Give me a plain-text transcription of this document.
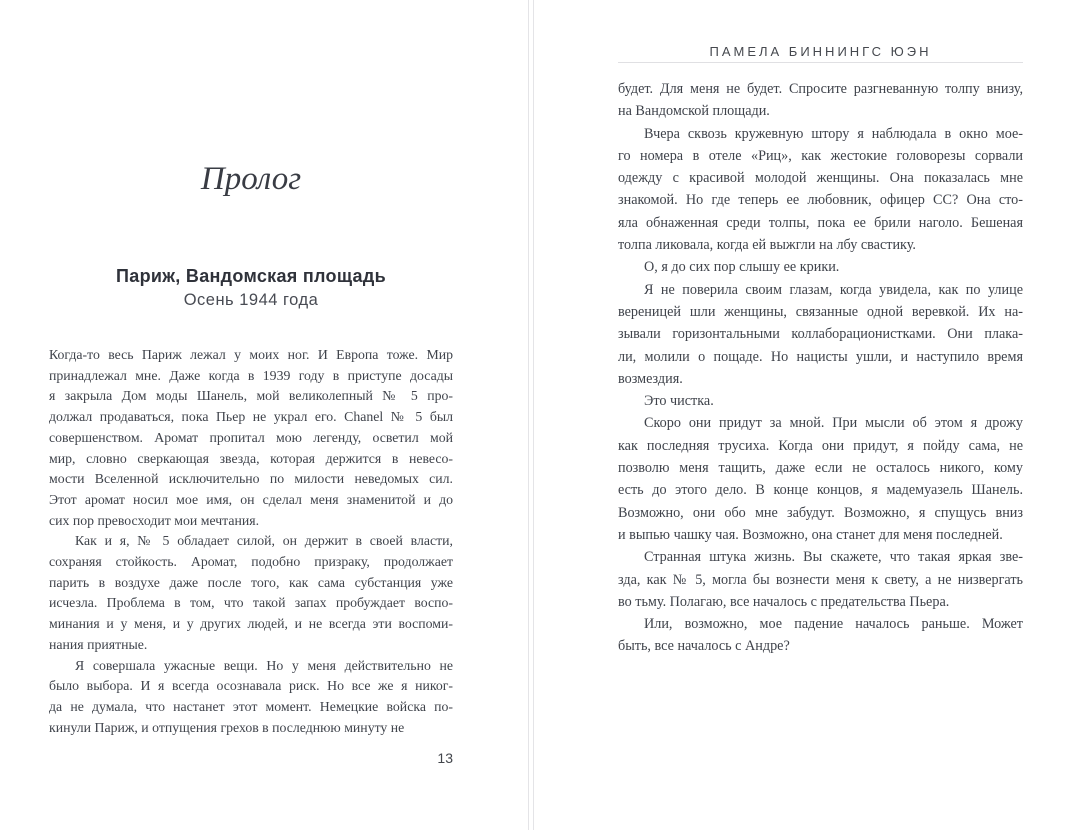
Пролог
Париж, Вандомская площадь
Осень 1944 года
Когда-то весь Париж лежал у моих ног. И Европа тоже. Мир
принадлежал мне. Даже когда в 1939 году в приступе досады
я закрыла Дом моды Шанель, мой великолепный № 5 про-
должал продаваться, пока Пьер не украл его. Chanel № 5 был
совершенством. Аромат пропитал мою легенду, осветил мой
мир, словно сверкающая звезда, которая держится в невесо-
мости Вселенной исключительно по милости неведомых сил.
Этот аромат носил мое имя, он сделал меня знаменитой и до
сих пор превосходит мои мечтания.
Как и я, № 5 обладает силой, он держит в своей власти,
сохраняя стойкость. Аромат, подобно призраку, продолжает
парить в воздухе даже после того, как сама субстанция уже
исчезла. Проблема в том, что такой запах пробуждает воспо-
минания и у меня, и у других людей, и не всегда эти воспоми-
нания приятные.
Я совершала ужасные вещи. Но у меня действительно не
было выбора. И я всегда осознавала риск. Но все же я никог-
да не думала, что настанет этот момент. Немецкие войска по-
кинули Париж, и отпущения грехов в последнюю минуту не
13
ПАМЕЛА БИННИНГС ЮЭН
будет. Для меня не будет. Спросите разгневанную толпу внизу,
на Вандомской площади.
Вчера сквозь кружевную штору я наблюдала в окно мое-
го номера в отеле «Риц», как жестокие головорезы сорвали
одежду с красивой молодой женщины. Она показалась мне
знакомой. Но где теперь ее любовник, офицер СС? Она сто-
яла обнаженная среди толпы, пока ее брили наголо. Бешеная
толпа ликовала, когда ей выжгли на лбу свастику.
О, я до сих пор слышу ее крики.
Я не поверила своим глазам, когда увидела, как по улице
вереницей шли женщины, связанные одной веревкой. Их на-
зывали горизонтальными коллаборационистками. Они плака-
ли, молили о пощаде. Но нацисты ушли, и наступило время
возмездия.
Это чистка.
Скоро они придут за мной. При мысли об этом я дрожу
как последняя трусиха. Когда они придут, я пойду сама, не
позволю меня тащить, даже если не осталось никого, кому
есть до этого дело. В конце концов, я мадемуазель Шанель.
Возможно, они обо мне забудут. Возможно, я спущусь вниз
и выпью чашку чая. Возможно, она станет для меня последней.
Странная штука жизнь. Вы скажете, что такая яркая зве-
зда, как № 5, могла бы вознести меня к свету, а не низвергать
во тьму. Полагаю, все началось с предательства Пьера.
Или, возможно, мое падение началось раньше. Может
быть, все началось с Андре?
